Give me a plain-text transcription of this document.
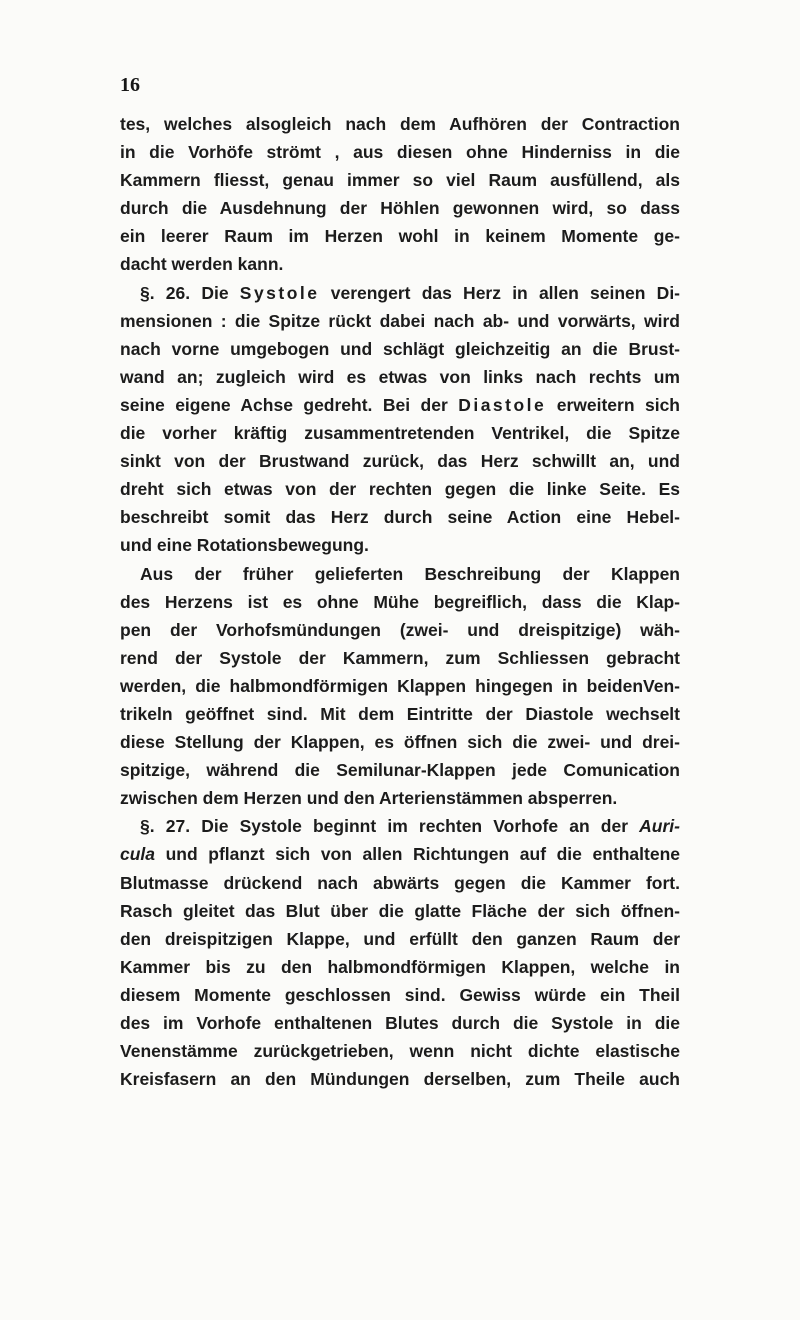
16
tes, welches alsogleich nach dem Aufhören der Contraction
in die Vorhöfe strömt , aus diesen ohne Hinderniss in die
Kammern fliesst, genau immer so viel Raum ausfüllend, als
durch die Ausdehnung der Höhlen gewonnen wird, so dass
ein leerer Raum im Herzen wohl in keinem Momente ge-
dacht werden kann.
§. 26. Die Systole verengert das Herz in allen seinen Di-
mensionen : die Spitze rückt dabei nach ab- und vorwärts, wird
nach vorne umgebogen und schlägt gleichzeitig an die Brust-
wand an; zugleich wird es etwas von links nach rechts um
seine eigene Achse gedreht. Bei der Diastole erweitern sich
die vorher kräftig zusammentretenden Ventrikel, die Spitze
sinkt von der Brustwand zurück, das Herz schwillt an, und
dreht sich etwas von der rechten gegen die linke Seite. Es
beschreibt somit das Herz durch seine Action eine Hebel-
und eine Rotationsbewegung.
Aus der früher gelieferten Beschreibung der Klappen
des Herzens ist es ohne Mühe begreiflich, dass die Klap-
pen der Vorhofsmündungen (zwei- und dreispitzige) wäh-
rend der Systole der Kammern, zum Schliessen gebracht
werden, die halbmondförmigen Klappen hingegen in beidenVen-
trikeln geöffnet sind. Mit dem Eintritte der Diastole wechselt
diese Stellung der Klappen, es öffnen sich die zwei- und drei-
spitzige, während die Semilunar-Klappen jede Comunication
zwischen dem Herzen und den Arterienstämmen absperren.
§. 27. Die Systole beginnt im rechten Vorhofe an der Auri-
cula und pflanzt sich von allen Richtungen auf die enthaltene
Blutmasse drückend nach abwärts gegen die Kammer fort.
Rasch gleitet das Blut über die glatte Fläche der sich öffnen-
den dreispitzigen Klappe, und erfüllt den ganzen Raum der
Kammer bis zu den halbmondförmigen Klappen, welche in
diesem Momente geschlossen sind. Gewiss würde ein Theil
des im Vorhofe enthaltenen Blutes durch die Systole in die
Venenstämme zurückgetrieben, wenn nicht dichte elastische
Kreisfasern an den Mündungen derselben, zum Theile auch
